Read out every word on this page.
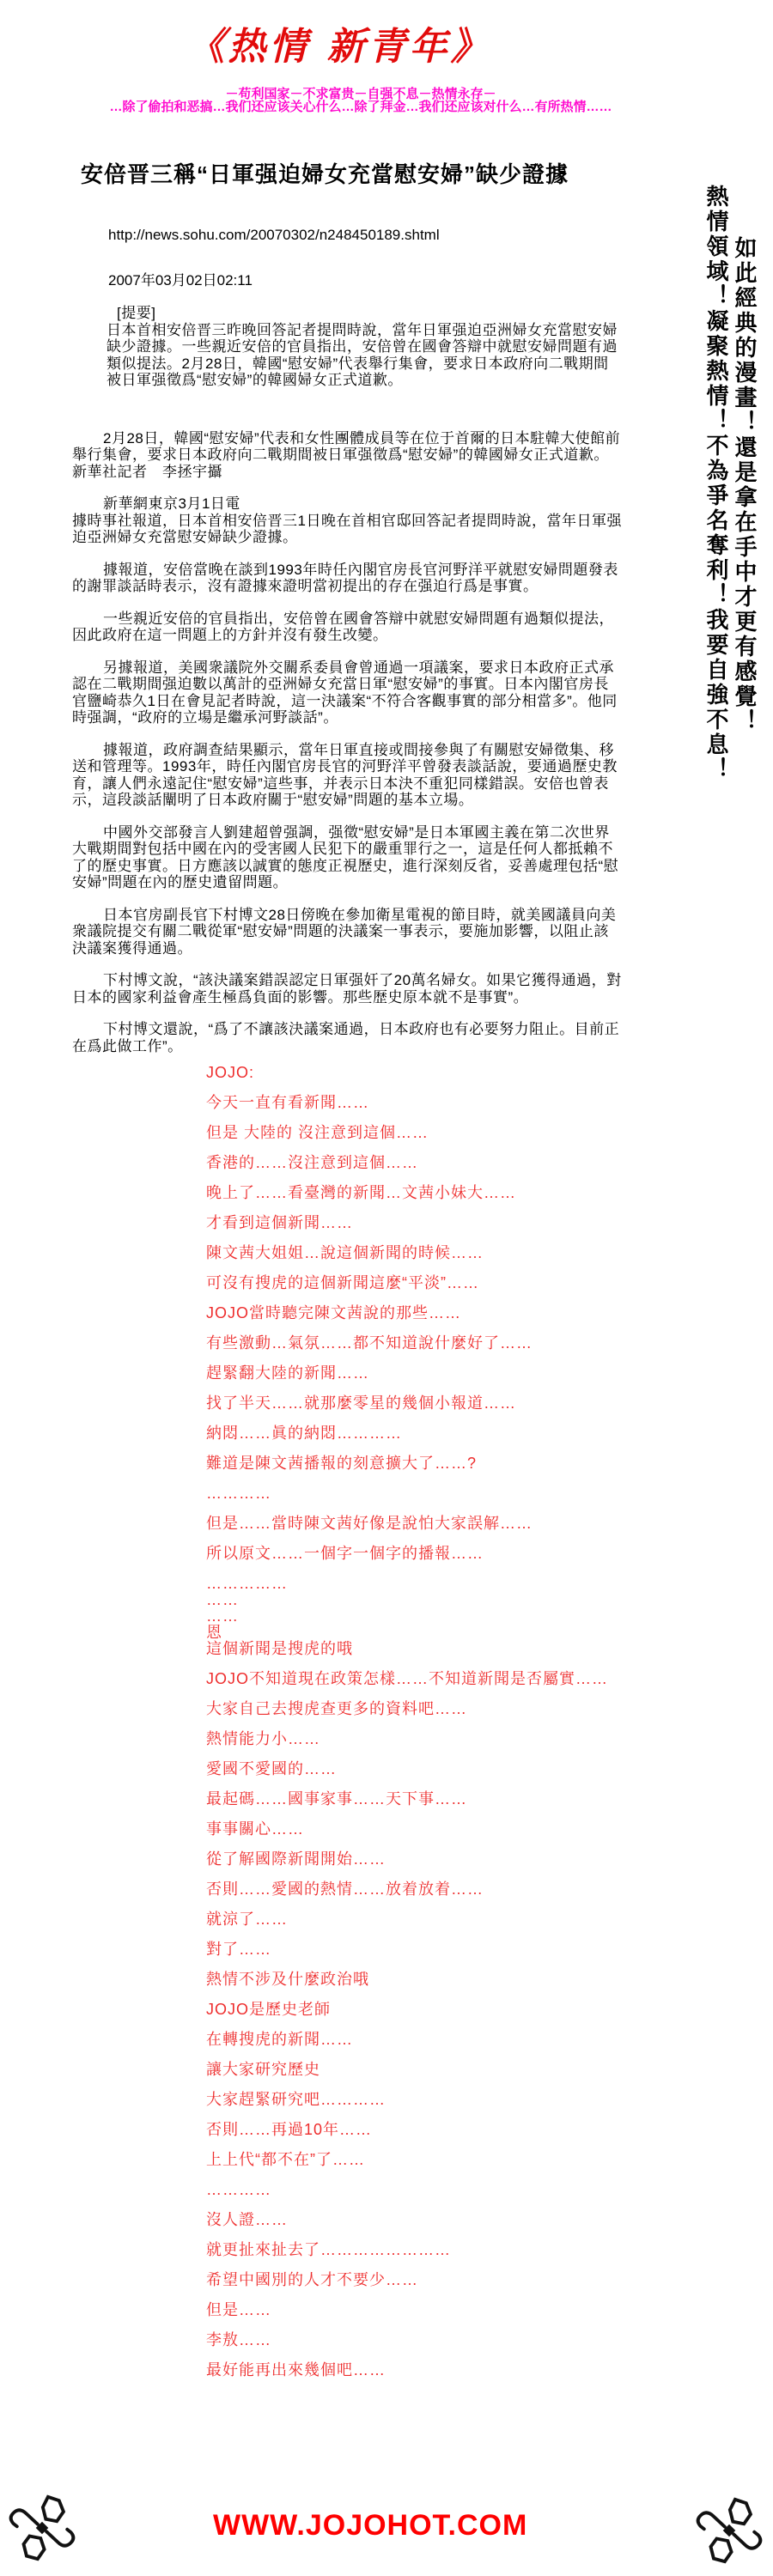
《热情 新青年》

－苟利国家－不求富贵－自强不息－热情永存－

…除了偷拍和恶搞…我们还应该关心什么…除了拜金…我们还应该对什么…有所热情……

如此經典的漫畫！還是拿在手中才更有感覺！
熱情領域！凝聚熱情！不為爭名奪利！我要自強不息！
安倍晋三稱“日軍强迫婦女充當慰安婦”缺少證據

http://news.sohu.com/20070302/n248450189.shtml

2007年03月02日02:11

[提要]

日本首相安倍晋三昨晚回答記者提問時說，當年日軍强迫亞洲婦女充當慰安婦缺少證據。一些親近安倍的官員指出，安倍曾在國會答辯中就慰安婦問題有過類似提法。2月28日，韓國“慰安婦”代表舉行集會，要求日本政府向二戰期間被日軍强徵爲“慰安婦”的韓國婦女正式道歉。

2月28日，韓國“慰安婦”代表和女性團體成員等在位于首爾的日本駐韓大使館前舉行集會，要求日本政府向二戰期間被日軍强徵爲“慰安婦”的韓國婦女正式道歉。新華社記者　李拯宇攝

新華網東京3月1日電

據時事社報道，日本首相安倍晋三1日晚在首相官邸回答記者提問時說，當年日軍强迫亞洲婦女充當慰安婦缺少證據。

據報道，安倍當晚在談到1993年時任內閣官房長官河野洋平就慰安婦問題發表的謝罪談話時表示，沒有證據來證明當初提出的存在强迫行爲是事實。

一些親近安倍的官員指出，安倍曾在國會答辯中就慰安婦問題有過類似提法，因此政府在這一問題上的方針并沒有發生改變。

另據報道，美國衆議院外交關系委員會曾通過一項議案，要求日本政府正式承認在二戰期間强迫數以萬計的亞洲婦女充當日軍“慰安婦”的事實。日本內閣官房長官鹽崎恭久1日在會見記者時說，這一決議案“不符合客觀事實的部分相當多”。他同時强調，“政府的立場是繼承河野談話”。

據報道，政府調查結果顯示，當年日軍直接或間接參與了有關慰安婦徵集、移送和管理等。1993年，時任內閣官房長官的河野洋平曾發表談話說，要通過歷史教育，讓人們永遠記住“慰安婦”這些事，并表示日本決不重犯同樣錯誤。安倍也曾表示，這段談話闡明了日本政府關于“慰安婦”問題的基本立場。

中國外交部發言人劉建超曾强調，强徵“慰安婦”是日本軍國主義在第二次世界大戰期間對包括中國在內的受害國人民犯下的嚴重罪行之一，這是任何人都抵賴不了的歷史事實。日方應該以誠實的態度正視歷史，進行深刻反省，妥善處理包括“慰安婦”問題在內的歷史遺留問題。

日本官房副長官下村博文28日傍晚在參加衛星電視的節目時，就美國議員向美衆議院提交有關二戰從軍“慰安婦”問題的決議案一事表示，要施加影響，以阻止該決議案獲得通過。

下村博文說，“該決議案錯誤認定日軍强奸了20萬名婦女。如果它獲得通過，對日本的國家利益會產生極爲負面的影響。那些歷史原本就不是事實”。

下村博文還說，“爲了不讓該決議案通過，日本政府也有必要努力阻止。目前正在爲此做工作”。

JOJO:

今天一直有看新聞……

但是 大陸的 沒注意到這個……

香港的……沒注意到這個……

晚上了……看臺灣的新聞…文茜小妹大……

才看到這個新聞……

陳文茜大姐姐…說這個新聞的時候……

可沒有搜虎的這個新聞這麼“平淡”……

JOJO當時聽完陳文茜說的那些……

有些激動…氣氛……都不知道說什麼好了……

趕緊翻大陸的新聞……

找了半天……就那麼零星的幾個小報道……

納悶……眞的納悶…………

難道是陳文茜播報的刻意擴大了……?

…………

但是……當時陳文茜好像是說怕大家誤解……

所以原文……一個字一個字的播報……

……………

……

……

恩

這個新聞是搜虎的哦

JOJO不知道現在政策怎樣……不知道新聞是否屬實……

大家自己去搜虎查更多的資料吧……

熱情能力小……

愛國不愛國的……

最起碼……國事家事……天下事……

事事關心……

從了解國際新聞開始……

否則……愛國的熱情……放着放着……

就涼了……

對了……

熱情不涉及什麼政治哦

JOJO是歷史老師

在轉搜虎的新聞……

讓大家研究歷史

大家趕緊研究吧…………

否則……再過10年……

上上代“都不在”了……

…………

沒人證……

就更扯來扯去了……………………

希望中國別的人才不要少……

但是……

李敖……

最好能再出來幾個吧……

WWW.JOJOHOT.COM
